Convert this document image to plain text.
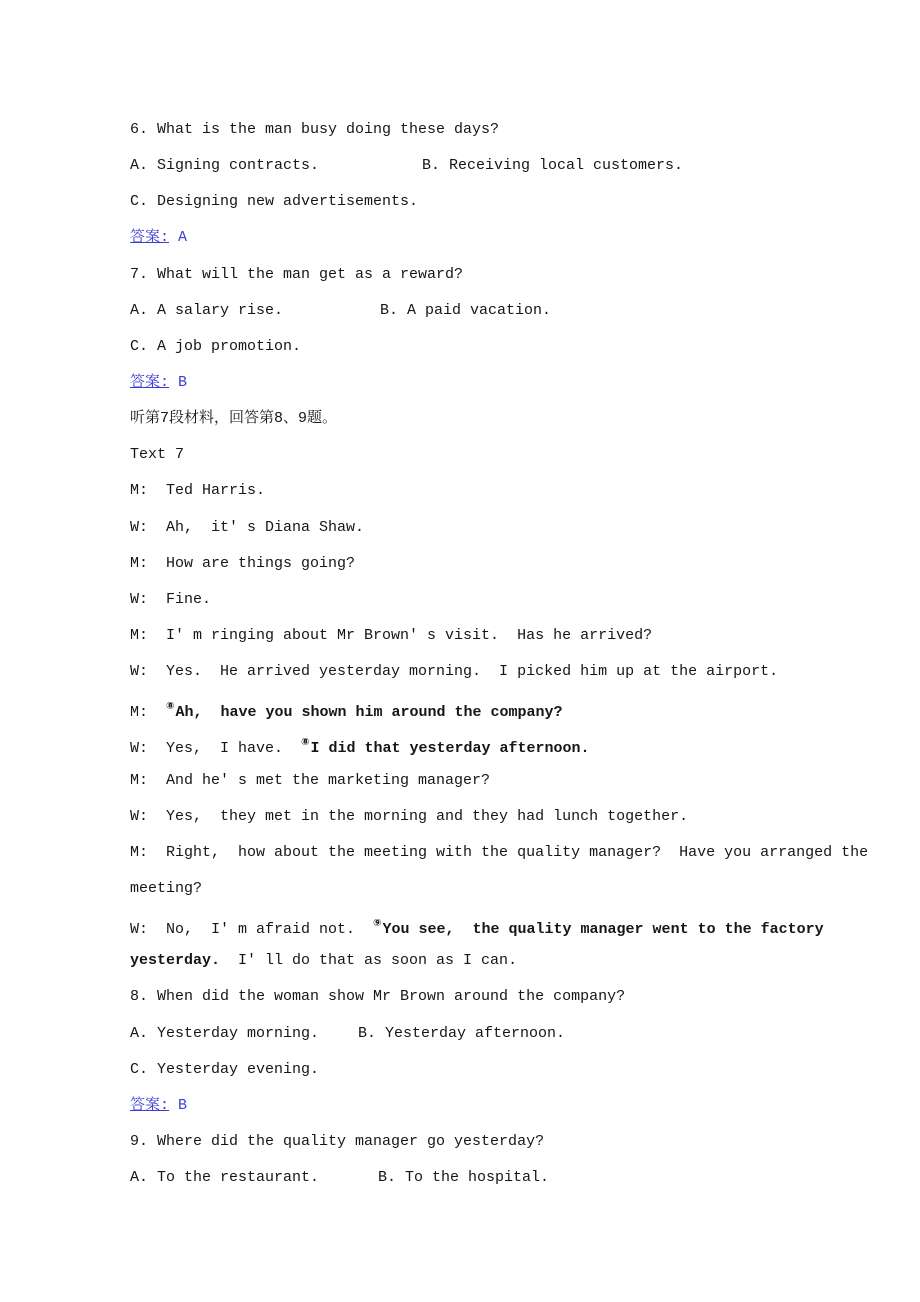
6. What is the man busy doing these days?
A. Signing contracts.	B. Receiving local customers.
C. Designing new advertisements.
答案: A
7. What will the man get as a reward?
A. A salary rise.	B. A paid vacation.
C. A job promotion.
答案: B
听第7段材料，回答第8、9题。
Text 7
M:  Ted Harris.
W:  Ah,  it' s Diana Shaw.
M:  How are things going?
W:  Fine.
M:  I' m ringing about Mr Brown' s visit.  Has he arrived?
W:  Yes.  He arrived yesterday morning.  I picked him up at the airport.
M:  ⑧Ah,  have you shown him around the company?
W:  Yes,  I have.  ⑧I did that yesterday afternoon.
M:  And he' s met the marketing manager?
W:  Yes,  they met in the morning and they had lunch together.
M:  Right,  how about the meeting with the quality manager?  Have you arranged the
meeting?
W:  No,  I' m afraid not.  ⑨You see,  the quality manager went to the factory
yesterday.  I' ll do that as soon as I can.
8. When did the woman show Mr Brown around the company?
A. Yesterday morning.	B. Yesterday afternoon.
C. Yesterday evening.
答案: B
9. Where did the quality manager go yesterday?
A. To the restaurant.	B. To the hospital.
